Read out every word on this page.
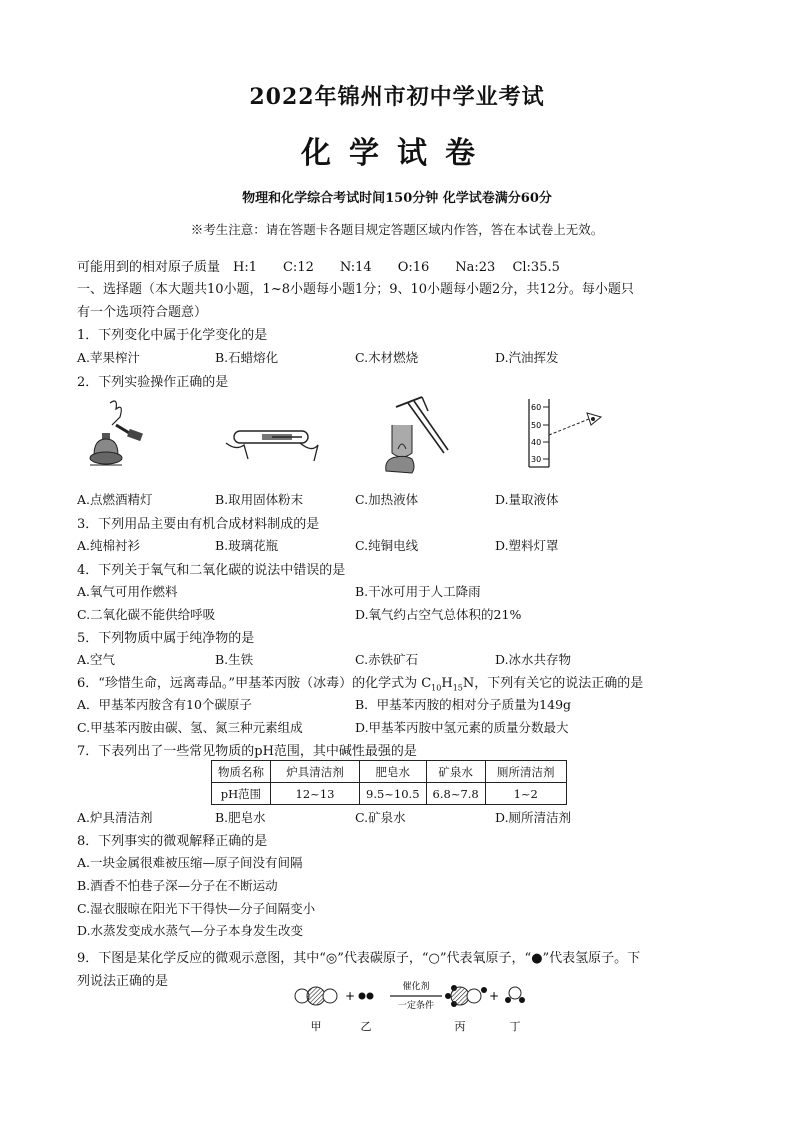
2022年锦州市初中学业考试
化学试卷
物理和化学综合考试时间150分钟 化学试卷满分60分
※考生注意：请在答题卡各题目规定答题区域内作答，答在本试卷上无效。
可能用到的相对原子质量　H:1　　C:12　　N:14　　O:16　　Na:23　 Cl:35.5
一、选择题（本大题共10小题，1~8小题每小题1分；9、10小题每小题2分，共12分。每小题只
有一个选项符合题意）
1．下列变化中属于化学变化的是
A.苹果榨汁	B.石蜡熔化	C.木材燃烧	D.汽油挥发
2．下列实验操作正确的是
60
50
40
30
A.点燃酒精灯	B.取用固体粉末	C.加热液体	D.量取液体
3．下列用品主要由有机合成材料制成的是
A.纯棉衬衫	B.玻璃花瓶	C.纯铜电线	D.塑料灯罩
4．下列关于氧气和二氧化碳的说法中错误的是
A.氧气可用作燃料	B.干冰可用于人工降雨
C.二氧化碳不能供给呼吸	D.氧气约占空气总体积的21%
5．下列物质中属于纯净物的是
A.空气	B.生铁	C.赤铁矿石	D.冰水共存物
6．“珍惜生命，远离毒品。”甲基苯丙胺（冰毒）的化学式为 $C_{10}H_{15}N$，下列有关它的说法正确的是
A．甲基苯丙胺含有10个碳原子	B．甲基苯丙胺的相对分子质量为149g
C.甲基苯丙胺由碳、氢、氮三种元素组成	D.甲基苯丙胺中氢元素的质量分数最大
7．下表列出了一些常见物质的pH范围，其中碱性最强的是
物质名称	炉具清洁剂	肥皂水	矿泉水	厕所清洁剂
pH范围	12~13	9.5~10.5	6.8~7.8	1~2
A.炉具清洁剂	B.肥皂水	C.矿泉水	D.厕所清洁剂
8．下列事实的微观解释正确的是
A.一块金属很难被压缩—原子间没有间隔
B.酒香不怕巷子深—分子在不断运动
C.湿衣服晾在阳光下干得快—分子间隔变小
D.水蒸发变成水蒸气—分子本身发生改变
9．下图是某化学反应的微观示意图，其中“◎”代表碳原子，“○”代表氧原子，“●”代表氢原子。下
列说法正确的是
+
催化剂
一定条件
+
甲	乙	丙	丁
